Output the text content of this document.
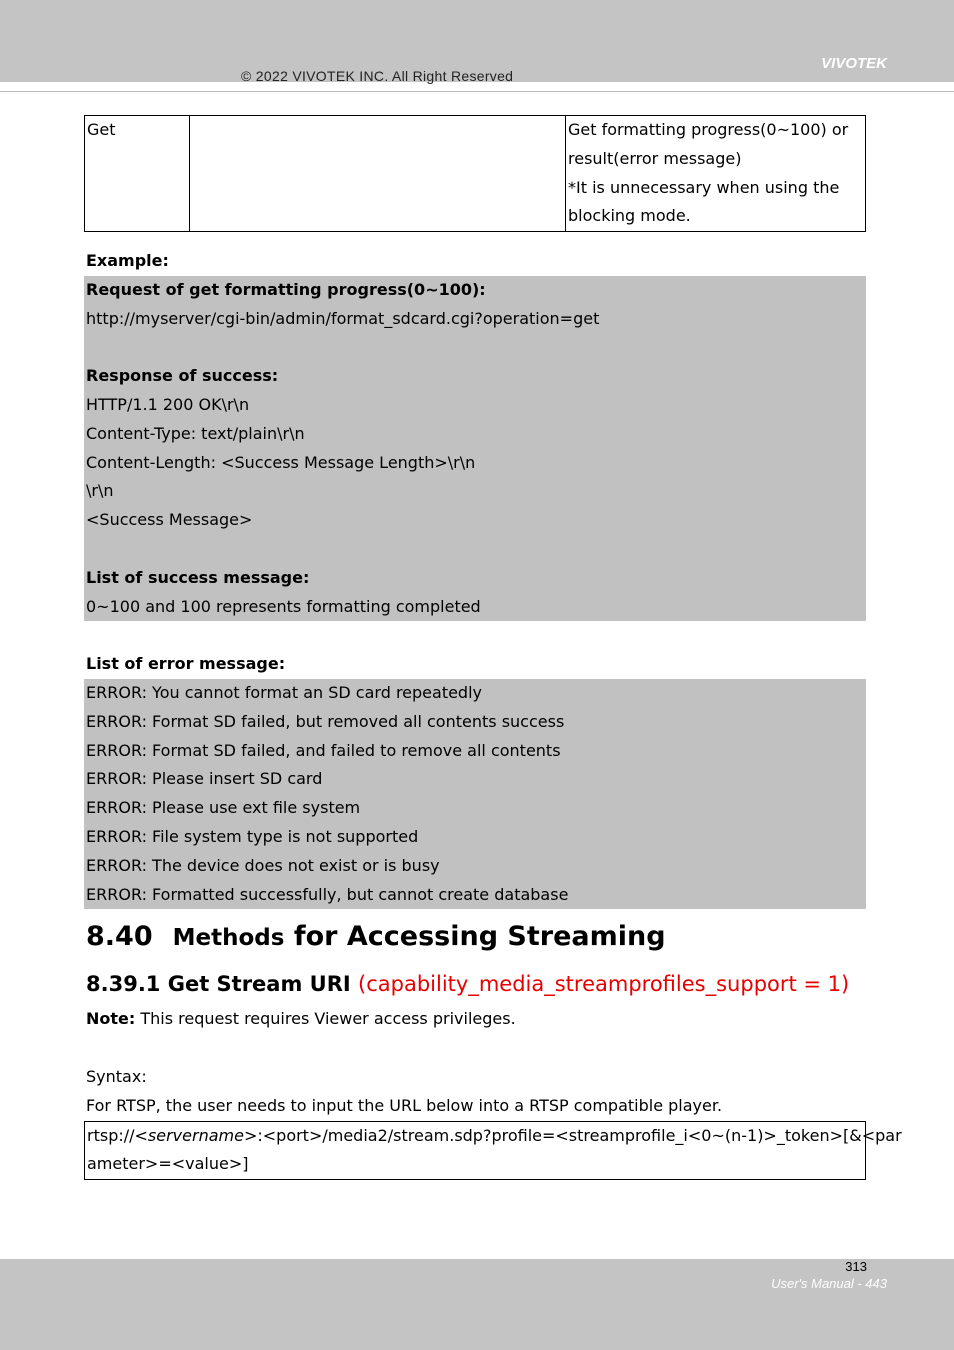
© 2022 VIVOTEK INC. All Right Reserved
VIVOTEK
Get		Get formatting progress(0~100) or
result(error message)
*It is unnecessary when using the
blocking mode.
Example:
Request of get formatting progress(0~100):
http://myserver/cgi-bin/admin/format_sdcard.cgi?operation=get
Response of success:
HTTP/1.1 200 OK\r\n
Content-Type: text/plain\r\n
Content-Length: <Success Message Length>\r\n
\r\n
<Success Message>
List of success message:
0~100 and 100 represents formatting completed
List of error message:
ERROR: You cannot format an SD card repeatedly
ERROR: Format SD failed, but removed all contents success
ERROR: Format SD failed, and failed to remove all contents
ERROR: Please insert SD card
ERROR: Please use ext file system
ERROR: File system type is not supported
ERROR: The device does not exist or is busy
ERROR: Formatted successfully, but cannot create database
8.40 Methods for Accessing Streaming
8.39.1 Get Stream URI (capability_media_streamprofiles_support = 1)
Note: This request requires Viewer access privileges.
Syntax:
For RTSP, the user needs to input the URL below into a RTSP compatible player.
rtsp://<servername>:<port>/media2/stream.sdp?profile=<streamprofile_i<0~(n-1)>_token>[&<par
ameter>=<value>]
313
User's Manual - 443
